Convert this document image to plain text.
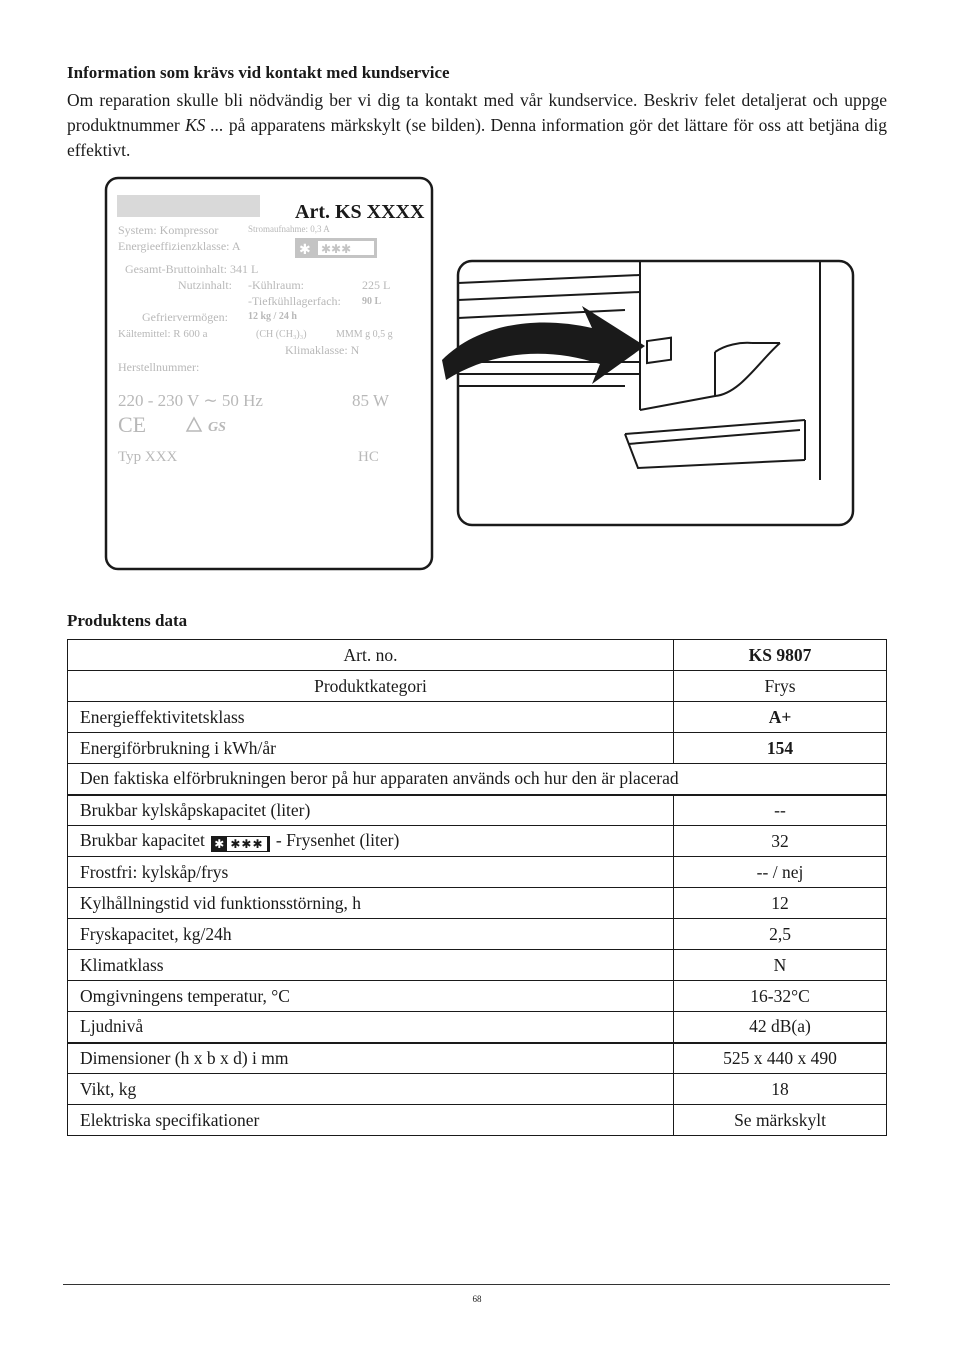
Information som krävs vid kontakt med kundservice

Om reparation skulle bli nödvändig ber vi dig ta kontakt med vår kundservice. Beskriv felet detaljerat och uppge produktnummer KS ... på apparatens märkskylt (se bilden). Denna information gör det lättare för oss att betjäna dig effektivt.

Art. KS XXXX
System: Kompressor	Stromaufnahme: 0,3 A
Energieeffizienzklasse: A
Gesamt-Bruttoinhalt: 341 L
Nutzinhalt: -Kühlraum:	225 L
-Tiefkühllagerfach: 90 L
Gefriervermögen: 12 kg / 24 h
Kältemittel: R 600 a	(CH (CH₃)₃)	MMM g 0,5 g
Klimaklasse: N
Herstellnummer:
220 - 230 V ∼ 50 Hz	85 W
CE	GS
Typ XXX	HC
✱ ✱✱✱
Produktens data
Art. no.	KS 9807
Produktkategori	Frys
Energieffektivitetsklass	A+
Energiförbrukning i kWh/år	154
Den faktiska elförbrukningen beror på hur apparaten används och hur den är placerad	
Brukbar kylskåpskapacitet (liter)	--
Brukbar kapacitet ✱ ✱✱✱ - Frysenhet (liter)	32
Frostfri: kylskåp/frys	-- / nej
Kylhållningstid vid funktionsstörning, h	12
Fryskapacitet, kg/24h	2,5
Klimatklass	N
Omgivningens temperatur, °C	16-32°C
Ljudnivå	42 dB(a)
Dimensioner (h x b x d) i mm	525 x 440 x 490
Vikt, kg	18
Elektriska specifikationer	Se märkskylt
68
